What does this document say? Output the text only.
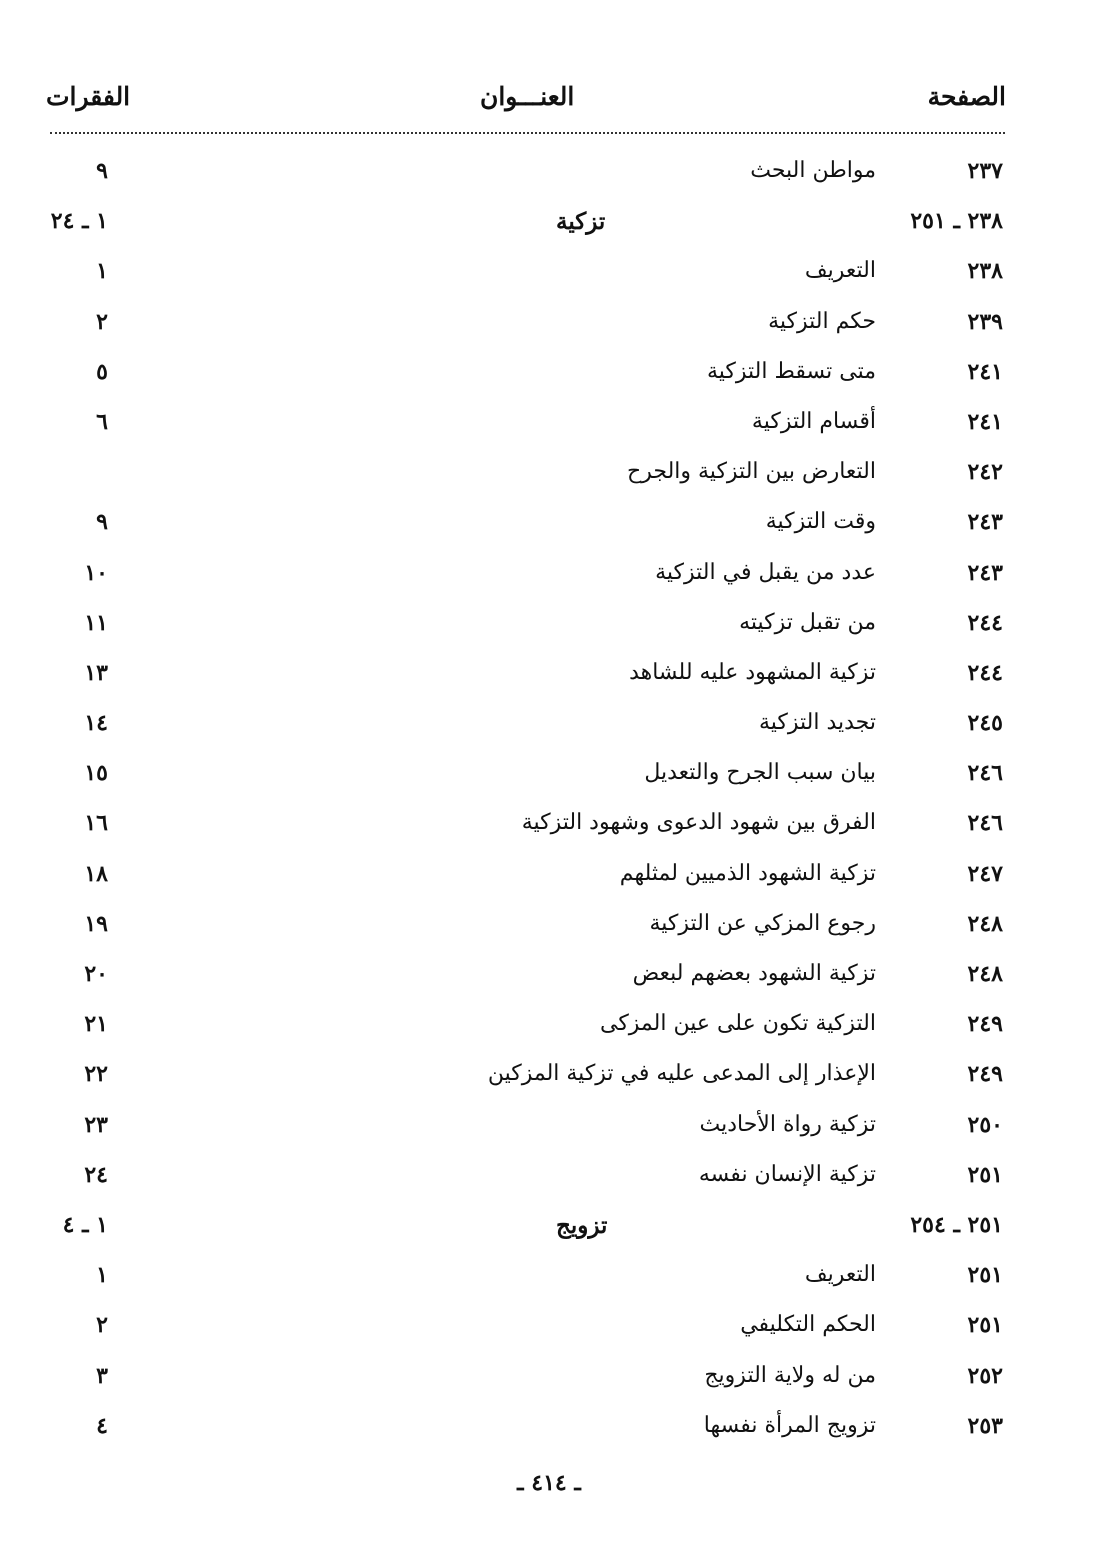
الصفحة
العنـــوان
الفقرات
٢٣٧
مواطن البحث
٩
٢٣٨ ـ ٢٥١
تزكية
١ ـ ٢٤
٢٣٨
التعريف
١
٢٣٩
حكم التزكية
٢
٢٤١
متى تسقط التزكية
٥
٢٤١
أقسام التزكية
٦
٢٤٢
التعارض بين التزكية والجرح
٢٤٣
وقت التزكية
٩
٢٤٣
عدد من يقبل في التزكية
١٠
٢٤٤
من تقبل تزكيته
١١
٢٤٤
تزكية المشهود عليه للشاهد
١٣
٢٤٥
تجديد التزكية
١٤
٢٤٦
بيان سبب الجرح والتعديل
١٥
٢٤٦
الفرق بين شهود الدعوى وشهود التزكية
١٦
٢٤٧
تزكية الشهود الذميين لمثلهم
١٨
٢٤٨
رجوع المزكي عن التزكية
١٩
٢٤٨
تزكية الشهود بعضهم لبعض
٢٠
٢٤٩
التزكية تكون على عين المزكى
٢١
٢٤٩
الإعذار إلى المدعى عليه في تزكية المزكين
٢٢
٢٥٠
تزكية رواة الأحاديث
٢٣
٢٥١
تزكية الإنسان نفسه
٢٤
٢٥١ ـ ٢٥٤
تزويج
١ ـ ٤
٢٥١
التعريف
١
٢٥١
الحكم التكليفي
٢
٢٥٢
من له ولاية التزويج
٣
٢٥٣
تزويج المرأة نفسها
٤
ـ ٤١٤ ـ
